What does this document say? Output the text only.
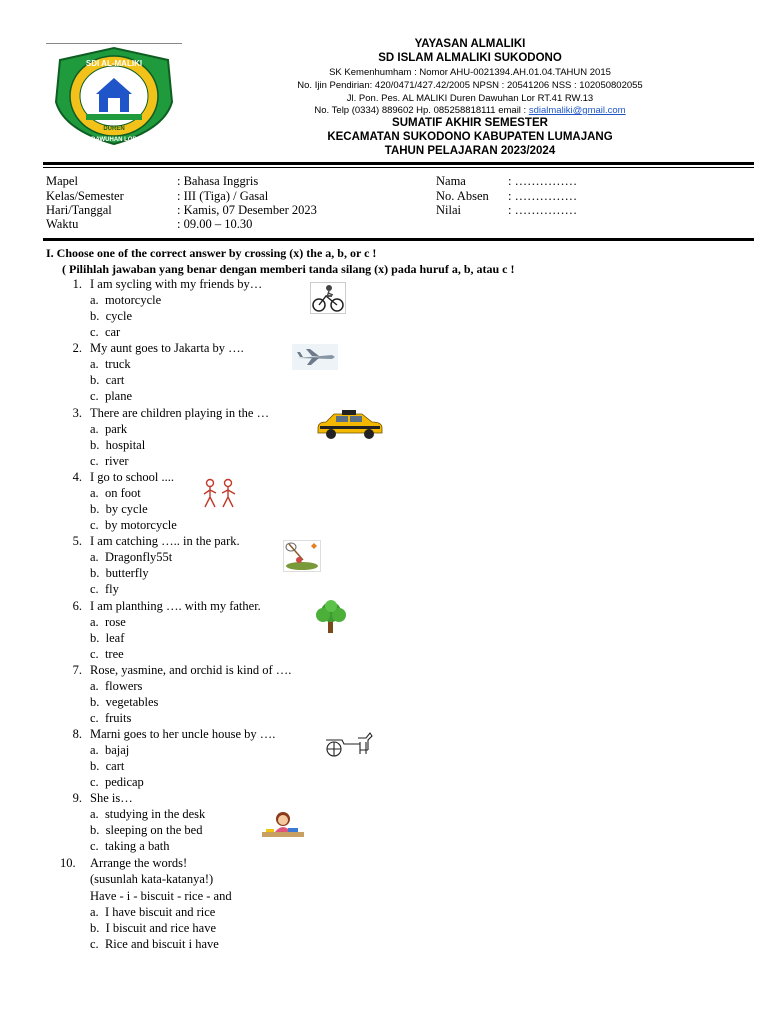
SDI AL-MALIKI
DUREN
DAWUHAN LOR
YAYASAN ALMALIKI
SD ISLAM ALMALIKI SUKODONO
SK Kemenhumham : Nomor AHU-0021394.AH.01.04.TAHUN 2015
No. Ijin Pendirian: 420/0471/427.42/2005 NPSN : 20541206 NSS : 102050802055
Jl. Pon. Pes. AL MALIKI Duren Dawuhan Lor RT.41 RW.13
No. Telp (0334) 889602 Hp. 085258818111 email : sdialmaliki@gmail.com
SUMATIF AKHIR SEMESTER
KECAMATAN SUKODONO KABUPATEN LUMAJANG
TAHUN PELAJARAN 2023/2024
Mapel	: Bahasa Inggris
Kelas/Semester	: III (Tiga) / Gasal
Hari/Tanggal	: Kamis, 07 Desember 2023
Waktu	: 09.00 – 10.30
Nama	: ……………
No. Absen : ……………
Nilai	: ……………
I. Choose one of the correct answer by crossing (x) the a, b, or c !
( Pilihlah jawaban yang benar dengan memberi tanda silang (x) pada huruf a, b, atau c !
1. I am sycling with my friends by…
a.  motorcycle
b.  cycle
c.  car
2. My aunt goes to Jakarta by ….
a.  truck
b.  cart
c.  plane
3. There are children playing in the …
a.  park
b.  hospital
c.  river
4. I go to school ....
a.  on foot
b.  by cycle
c.  by motorcycle
5. I am catching ….. in the park.
a.  Dragonfly55t
b.  butterfly
c.  fly
6. I am planthing …. with my father.
a.  rose
b.  leaf
c.  tree
7. Rose, yasmine, and orchid is kind of ….
a.  flowers
b.  vegetables
c.  fruits
8. Marni goes to her uncle house by ….
a.  bajaj
b.  cart
c.  pedicap
9. She is…
a.  studying in the desk
b.  sleeping on the bed
c.  taking a bath
10. Arrange the words!
(susunlah kata-katanya!)
Have - i - biscuit - rice - and
a.  I have biscuit and rice
b.  I biscuit and rice have
c.  Rice and biscuit i have
